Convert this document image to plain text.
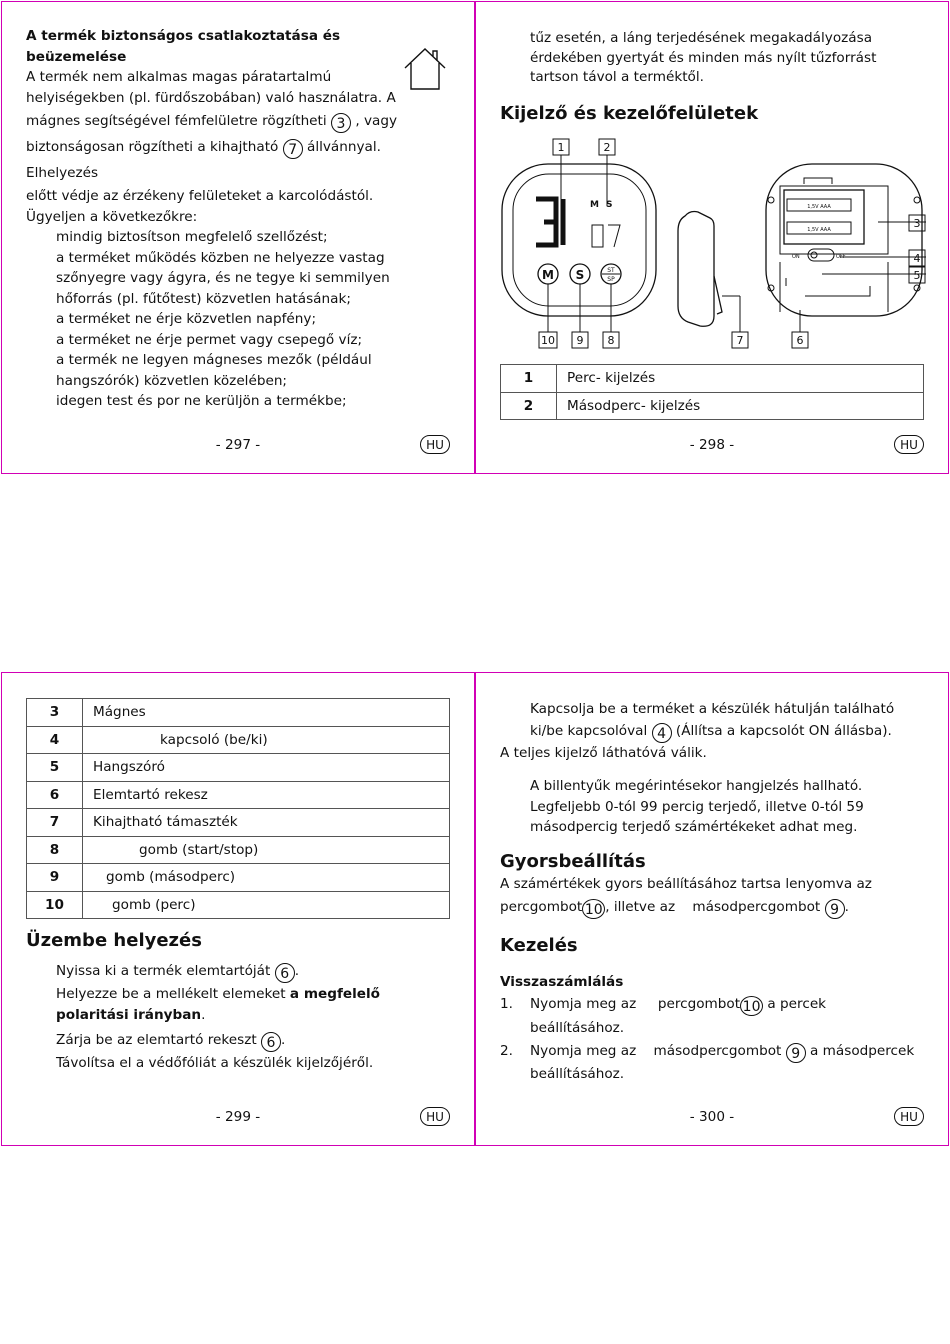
A termék biztonságos csatlakoztatása és beüzemelése

A termék nem alkalmas magas páratartalmú

helyiségekben (pl. fürdőszobában) való használatra. A

mágnes segítségével fémfelületre rögzítheti 3 , vagy

biztonságosan rögzítheti a kihajtható 7 állvánnyal. Elhelyezés

előtt védje az érzékeny felületeket a karcolódástól.

Ügyeljen a következőkre:

mindig biztosítson megfelelő szellőzést;

a terméket működés közben ne helyezze vastag szőnyegre vagy ágyra, és ne tegye ki semmilyen hőforrás (pl. fűtőtest) közvetlen hatásának;

a terméket ne érje közvetlen napfény;

a terméket ne érje permet vagy csepegő víz;

a termék ne legyen mágneses mezők (például hangszórók) közvetlen közelében;

idegen test és por ne kerüljön a termékbe;

- 297 -	HU

tűz esetén, a láng terjedésének megakadályozása érdekében gyertyát és minden más nyílt tűzforrást tartson távol a terméktől.

Kijelző és kezelőfelületek
1	2
M S
M S	ST
SP
1,5V AAA
1,5V AAA
ON	OFF
10 9 8	7	6
3
4
5
1	Perc- kijelzés
2	Másodperc- kijelzés
- 298 -	HU
3	Mágnes
4	kapcsoló (be/ki)
5	Hangszóró
6	Elemtartó rekesz
7	Kihajtható támaszték
8	gomb (start/stop)
9	gomb (másodperc)
10	gomb (perc)
Üzembe helyezés

Nyissa ki a termék elemtartóját 6 .

Helyezze be a mellékelt elemeket a megfelelő polaritási irányban.

Zárja be az elemtartó rekeszt 6 .

Távolítsa el a védőfóliát a készülék kijelzőjéről.

- 299 -	HU

Kapcsolja be a terméket a készülék hátulján található ki/be kapcsolóval 4 (Állítsa a kapcsolót ON állásba).

A teljes kijelző láthatóvá válik.

A billentyűk megérintésekor hangjelzés hallható. Legfeljebb 0-tól 99 percig terjedő, illetve 0-tól 59 másodpercig terjedő számértékeket adhat meg.

Gyorsbeállítás

A számértékek gyors beállításához tartsa lenyomva az

percgombot 10 , illetve az másodpercgombot 9 .

Kezelés
Visszaszámlálás
1. Nyomja meg az percgombot 10 a percek beállításához.
2. Nyomja meg az másodpercgombot 9 a másodpercek beállításához.
- 300 -	HU
